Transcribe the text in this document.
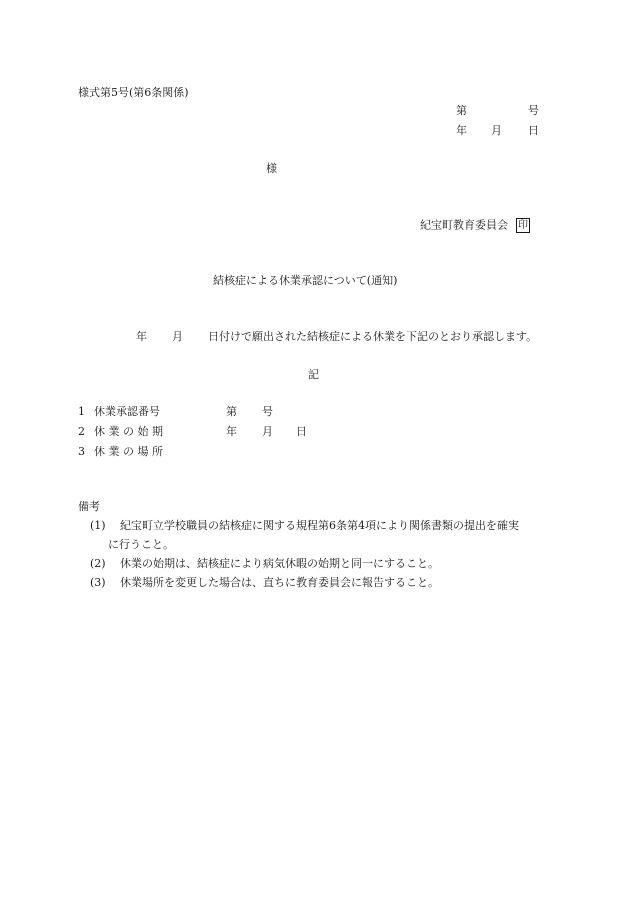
様式第5号(第6条関係)
第	号
年 月 日
様
紀宝町教育委員会 印
結核症による休業承認について(通知)
年 月 日付けで願出された結核症による休業を下記のとおり承認します。
記
1 休業承認番号	第 号
2 休 業 の 始 期	年 月 日
3 休 業 の 場 所
備考
(1) 紀宝町立学校職員の結核症に関する規程第6条第4項により関係書類の提出を確実
に行うこと。
(2) 休業の始期は、結核症により病気休暇の始期と同一にすること。
(3) 休業場所を変更した場合は、直ちに教育委員会に報告すること。
